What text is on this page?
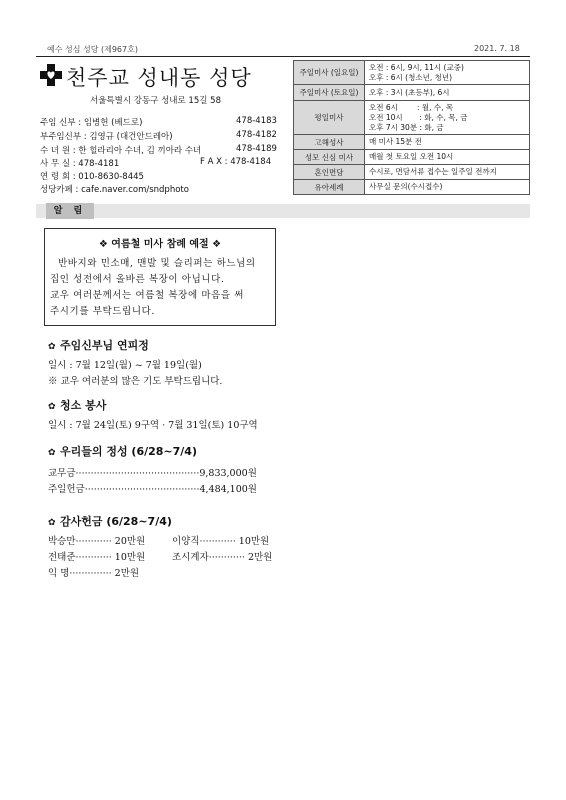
예수 성심 성당 (제967호)	2021. 7. 18
천주교 성내동 성당
서울특별시 강동구 성내로 15길 58
주임 신부 : 임병헌 (베드로)	478-4183
부주임신부 : 김영규 (대건안드레아)	478-4182
수 녀 원 : 한 힐라리아 수녀, 김 끼아라 수녀	478-4189
사 무 실 : 478-4181	F A X : 478-4184
연 령 회 : 010-8630-8445
성당카페 : cafe.naver.com/sndphoto
주일미사 (일요일)	오전 : 6시, 9시, 11시 (교중)
오후 : 6시 (청소년, 청년)

주일미사 (토요일)	오후 : 3시 (초등부), 6시

평일미사	오전 6시        : 월, 수, 목
오전 10시       : 화, 수, 목, 금
오후 7시 30분 : 화, 금

고해성사	매 미사 15분 전

성모 신심 미사	매월 첫 토요일 오전 10시

혼인면담	수시로, 면담서류 접수는 일주일 전까지

유아세례	사무실 문의(수시접수)
알 림
❖ 여름철 미사 참례 예절 ❖
반바지와 민소매, 맨발 및 슬리퍼는 하느님의
집인 성전에서 올바른 복장이 아닙니다.
교우 여러분께서는 여름철 복장에 마음을 써
주시기를 부탁드립니다.
✿ 주임신부님 연피정
일시 : 7월 12일(월) ~ 7월 19일(월)
※ 교우 여러분의 많은 기도 부탁드립니다.
✿ 청소 봉사
일시 : 7월 24일(토) 9구역 · 7월 31일(토) 10구역
✿ 우리들의 정성 (6/28~7/4)
교무금·········································9,833,000원
주일헌금······································4,484,100원
✿ 감사헌금 (6/28~7/4)
박승만············ 20만원	이양직············ 10만원
전태준············ 10만원	조시계자············ 2만원
익 명·············· 2만원
